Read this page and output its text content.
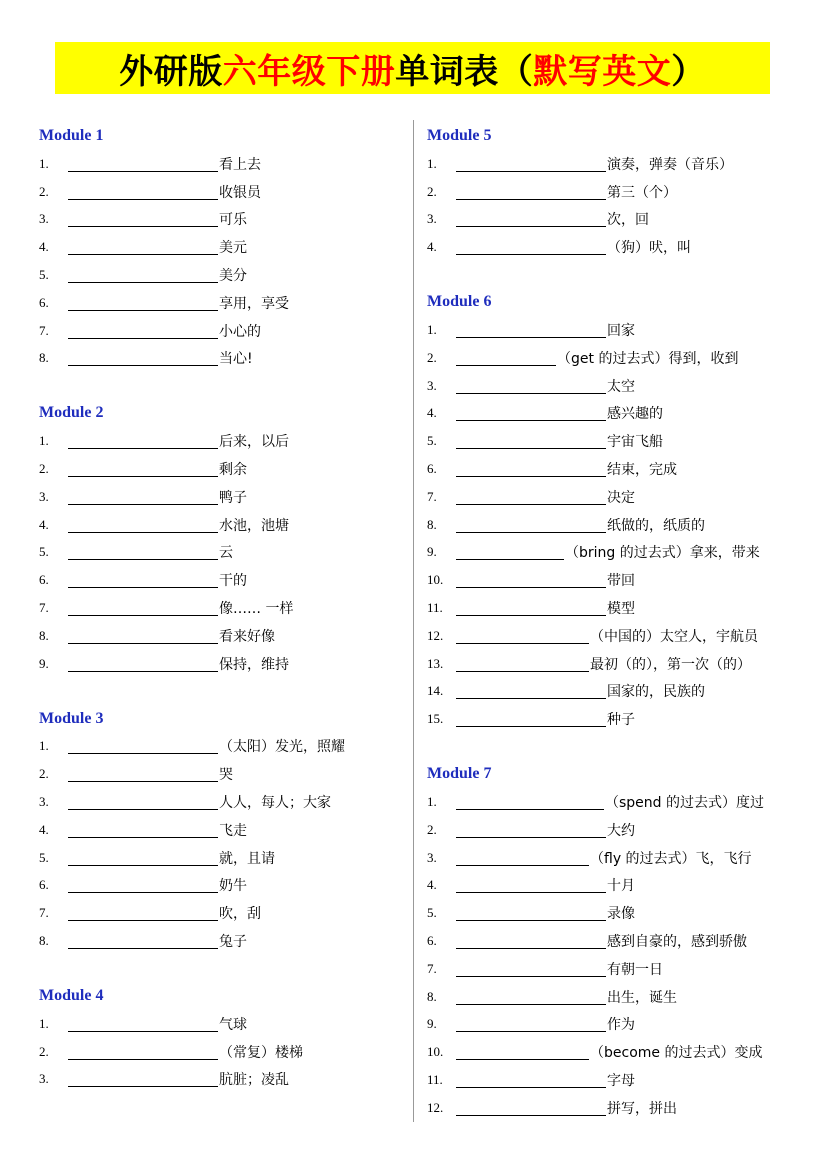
外研版六年级下册单词表（默写英文）
Module 1
1.	看上去
2.	收银员
3.	可乐
4.	美元
5.	美分
6.	享用，享受
7.	小心的
8.	当心!
Module 2
1.	后来，以后
2.	剩余
3.	鸭子
4.	水池，池塘
5.	云
6.	干的
7.	像…… 一样
8.	看来好像
9.	保持，维持
Module 3
1.	（太阳）发光，照耀
2.	哭
3.	人人，每人；大家
4.	飞走
5.	就，且请
6.	奶牛
7.	吹，刮
8.	兔子
Module 4
1.	气球
2.	（常复）楼梯
3.	肮脏；凌乱
Module 5
1.	演奏，弹奏（音乐）
2.	第三（个）
3.	次，回
4.	（狗）吠，叫
Module 6
1.	回家
2.	（get 的过去式）得到，收到
3.	太空
4.	感兴趣的
5.	宇宙飞船
6.	结束，完成
7.	决定
8.	纸做的，纸质的
9.	（bring 的过去式）拿来，带来
10.	带回
11.	模型
12.	（中国的）太空人，宇航员
13.	最初（的），第一次（的）
14.	国家的，民族的
15.	种子
Module 7
1.	（spend 的过去式）度过
2.	大约
3.	（fly 的过去式）飞，飞行
4.	十月
5.	录像
6.	感到自豪的，感到骄傲
7.	有朝一日
8.	出生，诞生
9.	作为
10.	（become 的过去式）变成
11.	字母
12.	拼写，拼出
